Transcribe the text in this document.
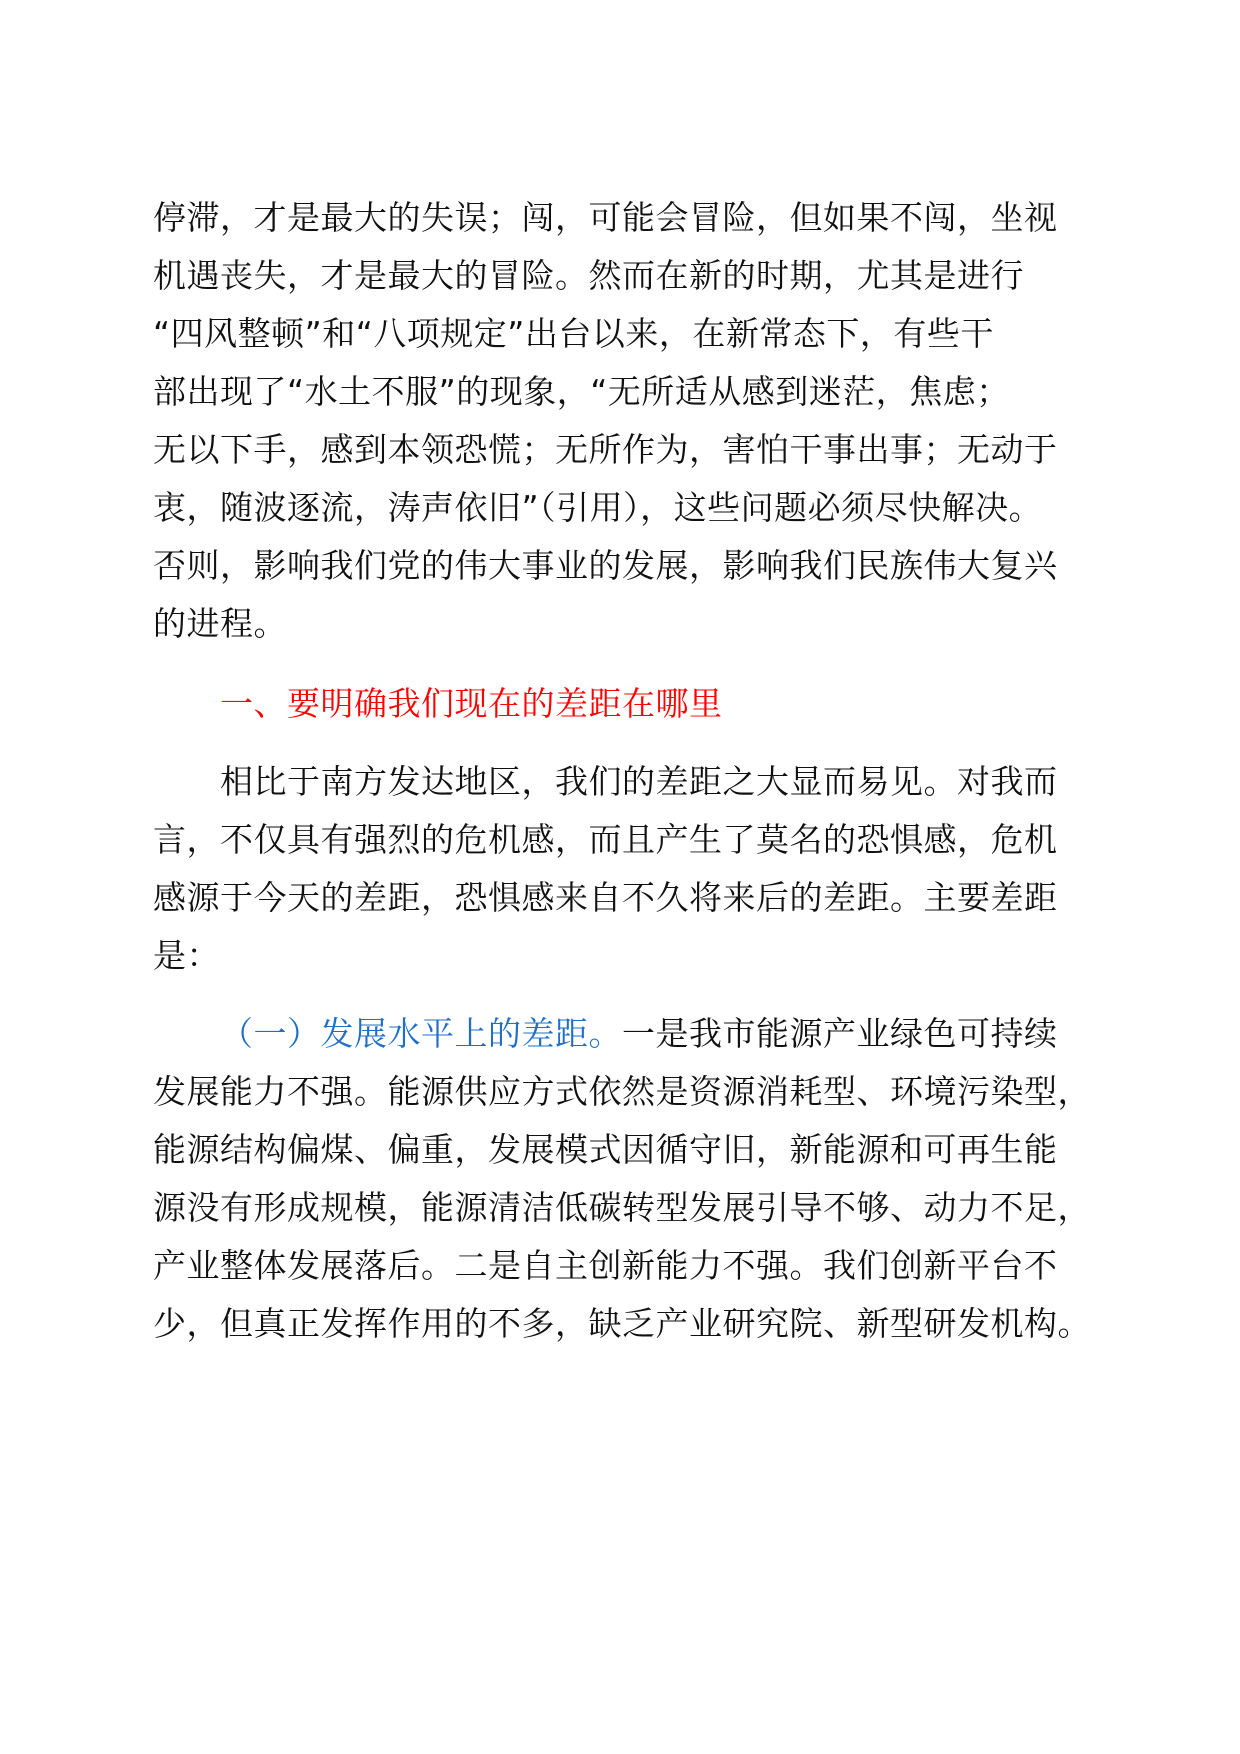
停滞，才是最大的失误；闯，可能会冒险，但如果不闯，坐视
机遇丧失，才是最大的冒险。然而在新的时期，尤其是进行
“四风整顿”和“八项规定”出台以来，在新常态下，有些干
部出现了“水土不服”的现象，“无所适从感到迷茫，焦虑；
无以下手，感到本领恐慌；无所作为，害怕干事出事；无动于
衷，随波逐流，涛声依旧”（引用），这些问题必须尽快解决。
否则，影响我们党的伟大事业的发展，影响我们民族伟大复兴
的进程。
一、要明确我们现在的差距在哪里
相比于南方发达地区，我们的差距之大显而易见。对我而
言，不仅具有强烈的危机感，而且产生了莫名的恐惧感，危机
感源于今天的差距，恐惧感来自不久将来后的差距。主要差距
是：
（一）发展水平上的差距。一是我市能源产业绿色可持续
发展能力不强。能源供应方式依然是资源消耗型、环境污染型，
能源结构偏煤、偏重，发展模式因循守旧，新能源和可再生能
源没有形成规模，能源清洁低碳转型发展引导不够、动力不足，
产业整体发展落后。二是自主创新能力不强。我们创新平台不
少，但真正发挥作用的不多，缺乏产业研究院、新型研发机构。
